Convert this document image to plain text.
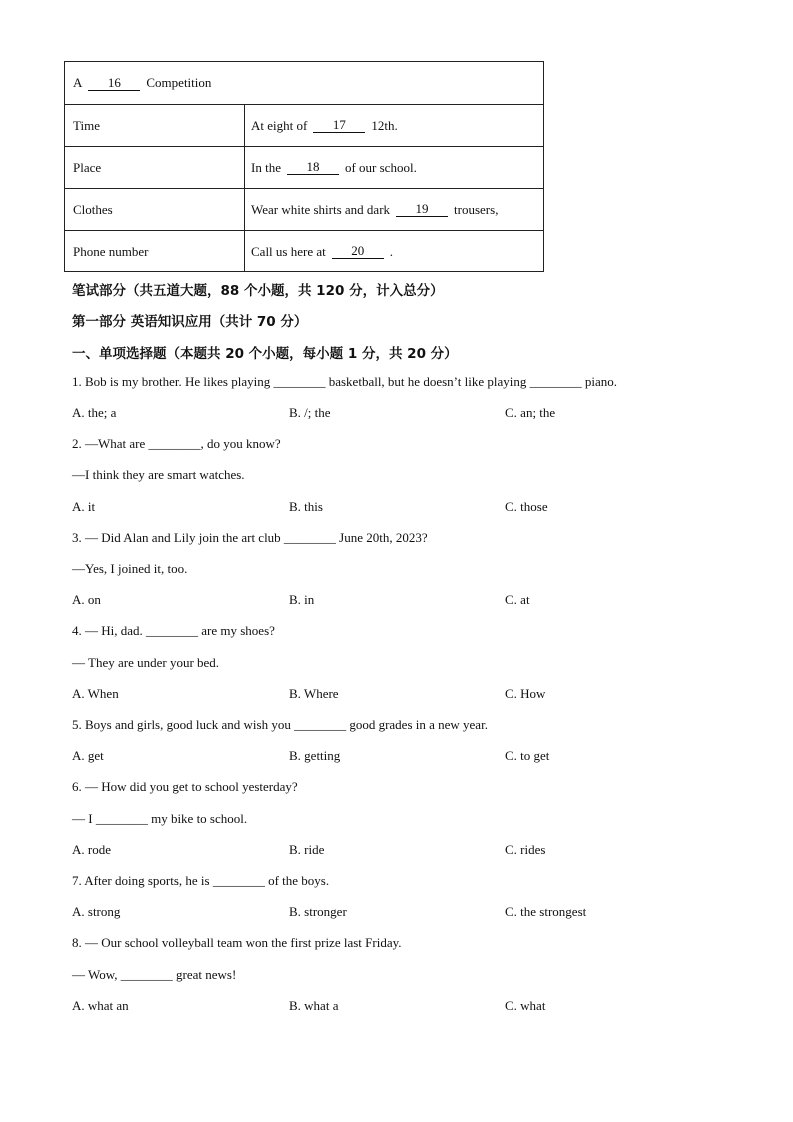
A	16	Competition
Time	At eight of	17	12th.
Place	In the	18	of our school.
Clothes	Wear white shirts and dark	19	trousers,
Phone number	Call us here at	20	.
笔试部分（共五道大题，88 个小题，共 120 分，计入总分）
第一部分 英语知识应用（共计 70 分）
一、单项选择题（本题共 20 个小题，每小题 1 分，共 20 分）
1. Bob is my brother. He likes playing ________ basketball, but he doesn’t like playing ________ piano.
A. the; a	B. /; the	C. an; the
2. —What are ________, do you know?
—I think they are smart watches.
A. it	B. this	C. those
3. — Did Alan and Lily join the art club ________ June 20th, 2023?
—Yes, I joined it, too.
A. on	B. in	C. at
4. — Hi, dad. ________ are my shoes?
— They are under your bed.
A. When	B. Where	C. How
5. Boys and girls, good luck and wish you ________ good grades in a new year.
A. get	B. getting	C. to get
6. — How did you get to school yesterday?
— I ________ my bike to school.
A. rode	B. ride	C. rides
7. After doing sports, he is ________ of the boys.
A. strong	B. stronger	C. the strongest
8. — Our school volleyball team won the first prize last Friday.
— Wow, ________ great news!
A. what an	B. what a	C. what
